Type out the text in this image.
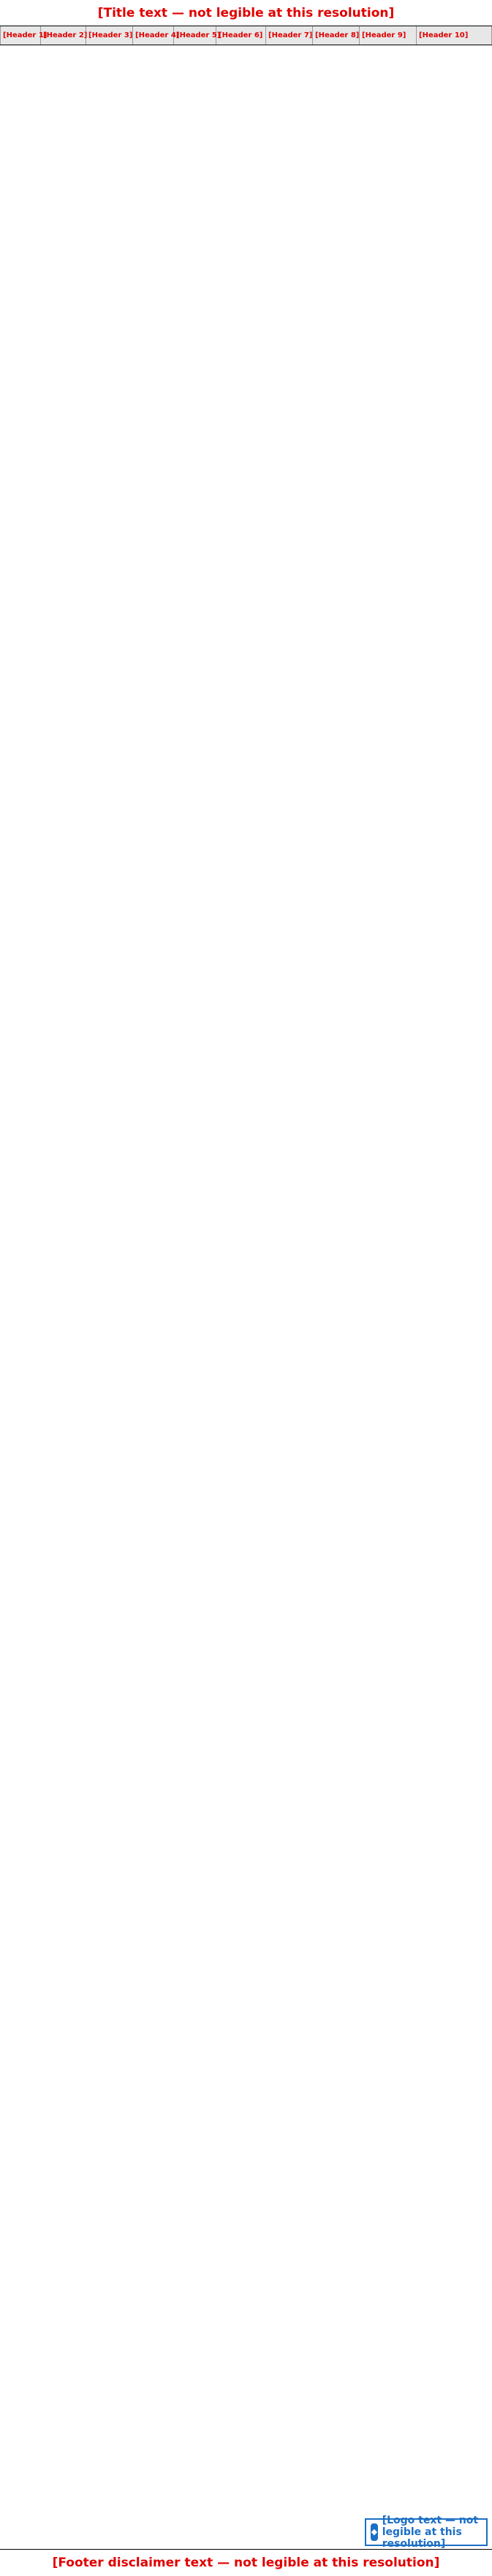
[Title text — not legible at this resolution]
[Header 1]
[Header 2] [Header 3] [Header 4]
[Header 5]
[Header 6] [Header 7] [Header 8] [Header 9]	[Header 10]
[Footer disclaimer text — not legible at this resolution]
◆
[Logo text — not legible at this resolution]
